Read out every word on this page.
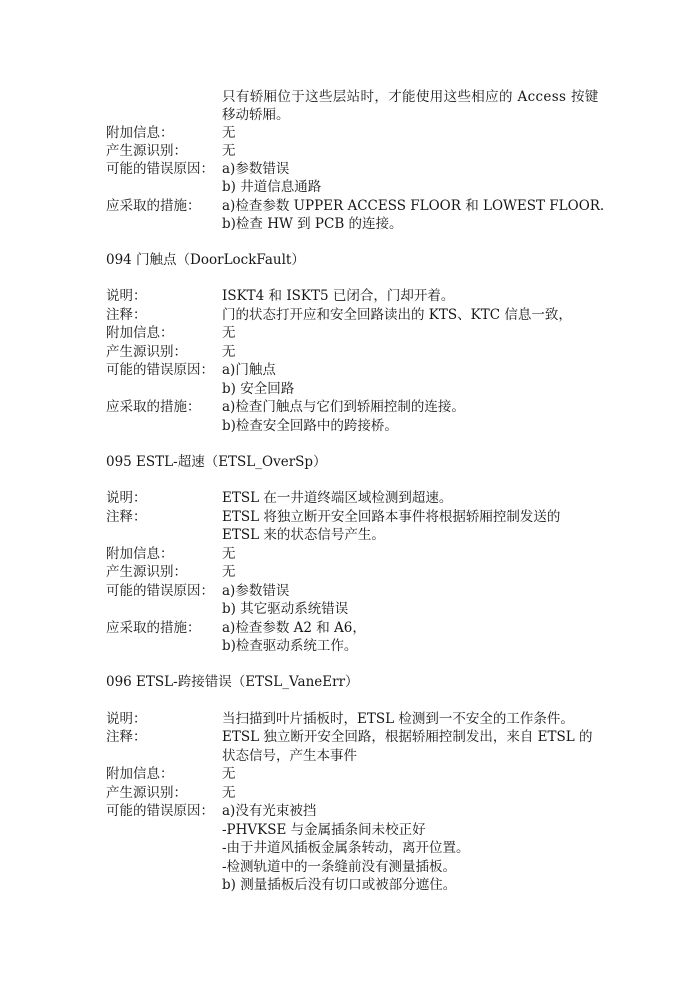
只有轿厢位于这些层站时，才能使用这些相应的 Access 按键
移动轿厢。
附加信息：	无
产生源识别：	无
可能的错误原因： a)参数错误
b) 井道信息通路
应采取的措施： a)检查参数 UPPER ACCESS FLOOR 和 LOWEST FLOOR.
b)检查 HW 到 PCB 的连接。
094 门触点（DoorLockFault）
说明：	ISKT4 和 ISKT5 已闭合，门却开着。
注释：	门的状态打开应和安全回路读出的 KTS、KTC 信息一致，
附加信息：	无
产生源识别：	无
可能的错误原因： a)门触点
b) 安全回路
应采取的措施： a)检查门触点与它们到轿厢控制的连接。
b)检查安全回路中的跨接桥。
095 ESTL-超速（ETSL_OverSp）
说明：	ETSL 在一井道终端区域检测到超速。
注释：	ETSL 将独立断开安全回路本事件将根据轿厢控制发送的
ETSL 来的状态信号产生。
附加信息：	无
产生源识别：	无
可能的错误原因： a)参数错误
b) 其它驱动系统错误
应采取的措施： a)检查参数 A2 和 A6，
b)检查驱动系统工作。
096 ETSL-跨接错误（ETSL_VaneErr）
说明：	当扫描到叶片插板时，ETSL 检测到一不安全的工作条件。
注释：	ETSL 独立断开安全回路，根据轿厢控制发出，来自 ETSL 的
状态信号，产生本事件
附加信息：	无
产生源识别：	无
可能的错误原因： a)没有光束被挡
-PHVKSE 与金属插条间未校正好
-由于井道风插板金属条转动，离开位置。
-检测轨道中的一条缝前没有测量插板。
b) 测量插板后没有切口或被部分遮住。
